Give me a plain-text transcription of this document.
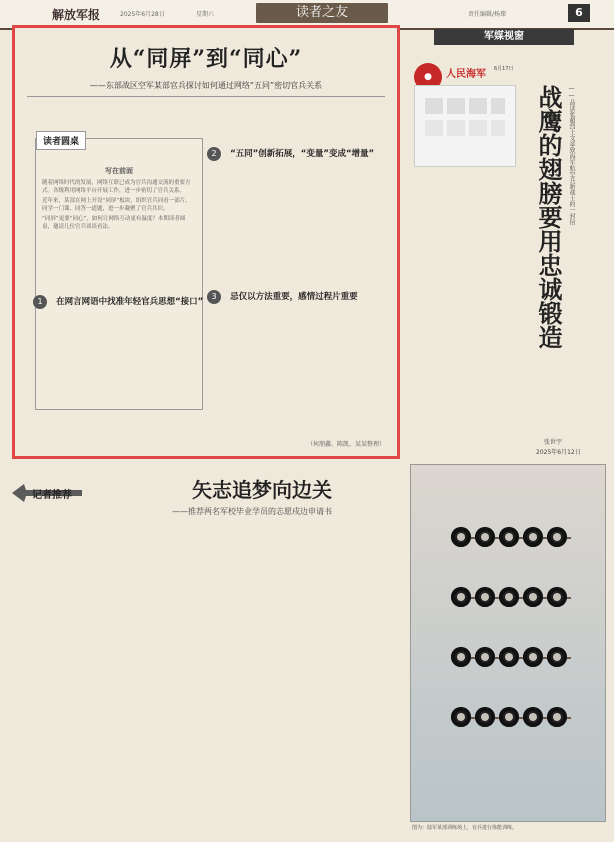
解放军报	2025年6月28日	星期六	读者之友	责任编辑/杨璨	6
从“同屏”到“同心”
——东部战区空军某部官兵探讨如何通过网络“五同”密切官兵关系
读者圆桌
写在前面

随着网络时代的发展，网络互联已成为官兵沟通交流的重要方式。各级利用网络平台开展工作，进一步密切了官兵关系。

近年来，某部在网上开设“同屏”板块，组织官兵同看一部片、同学一门课、同答一道题，进一步凝聚了官兵共识。

“同屏”更要“同心”，如何让网络互动更有温度？本期读者圆桌，邀请几位官兵谈谈看法。

1 在网言网语中找准年轻官兵思想“接口”
2 “五同”创新拓展，“变量”变成“增量”
3 忌仅以方法重要，感情过程片重要
（何朋鑫、陈凯、某某整理）
军媒视窗
●	人民海军 6月17日
战鹰的翅膀要用忠诚锻造 ——品读张超烈士文章致海军航空兵新战士的一封信
张世宇
2025年6月12日
记者推荐	矢志追梦向边关
——推荐两名军校毕业学员的志愿戍边申请书
图为：陆军某部训练场上，官兵进行体能训练。
